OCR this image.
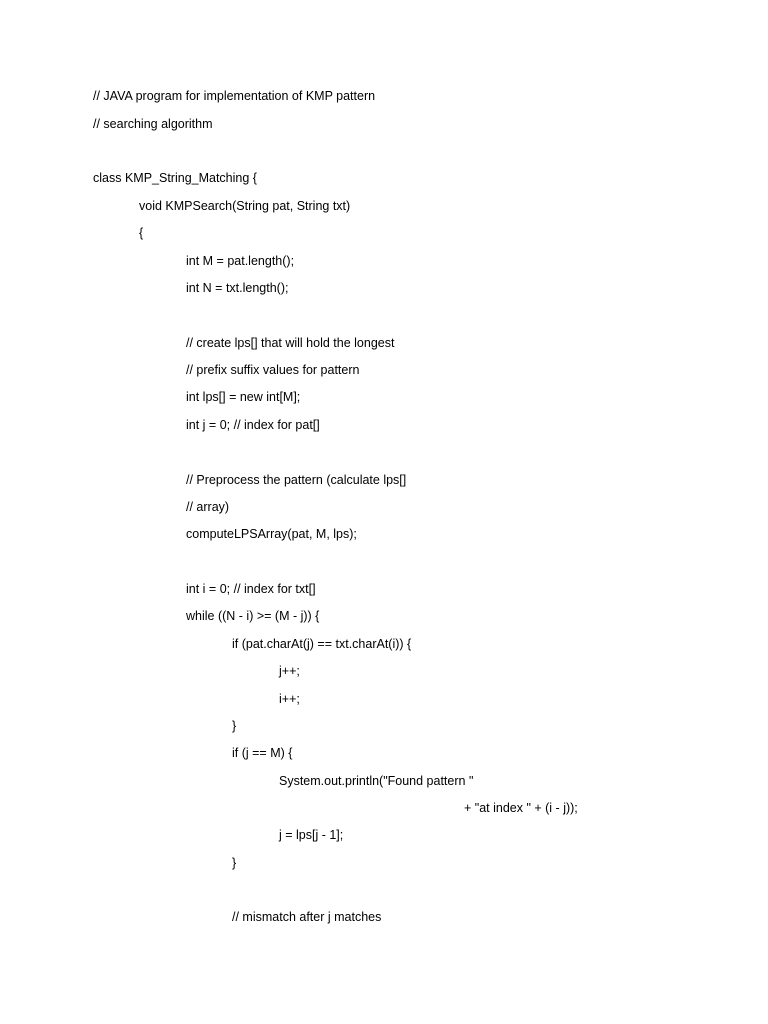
// JAVA program for implementation of KMP pattern
// searching algorithm
class KMP_String_Matching {
void KMPSearch(String pat, String txt)
{
int M = pat.length();
int N = txt.length();
// create lps[] that will hold the longest
// prefix suffix values for pattern
int lps[] = new int[M];
int j = 0; // index for pat[]
// Preprocess the pattern (calculate lps[]
// array)
computeLPSArray(pat, M, lps);
int i = 0; // index for txt[]
while ((N - i) >= (M - j)) {
if (pat.charAt(j) == txt.charAt(i)) {
j++;
i++;
}
if (j == M) {
System.out.println("Found pattern "
+ "at index " + (i - j));
j = lps[j - 1];
}
// mismatch after j matches
